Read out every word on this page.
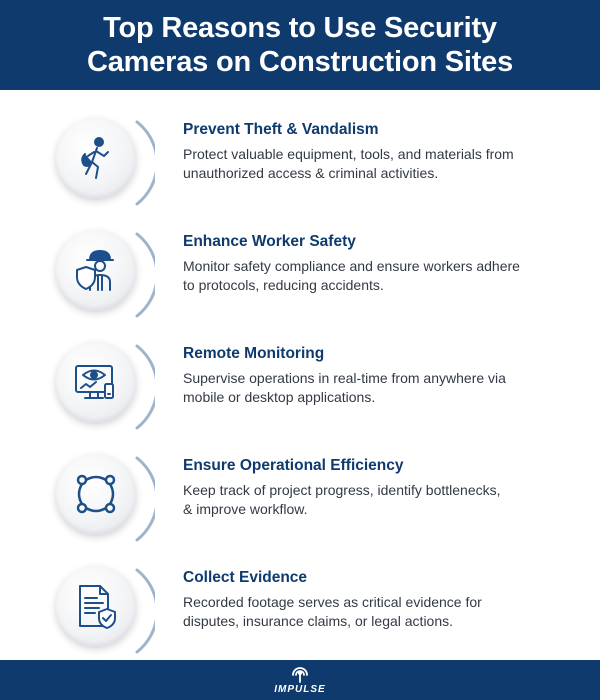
Top Reasons to Use Security
Cameras on Construction Sites
Prevent Theft & Vandalism
Protect valuable equipment, tools, and materials from
unauthorized access & criminal activities.
Enhance Worker Safety
Monitor safety compliance and ensure workers adhere
to protocols, reducing accidents.
Remote Monitoring
Supervise operations in real-time from anywhere via
mobile or desktop applications.
Ensure Operational Efficiency
Keep track of project progress, identify bottlenecks,
& improve workflow.
Collect Evidence
Recorded footage serves as critical evidence for
disputes, insurance claims, or legal actions.
IMPULSE
